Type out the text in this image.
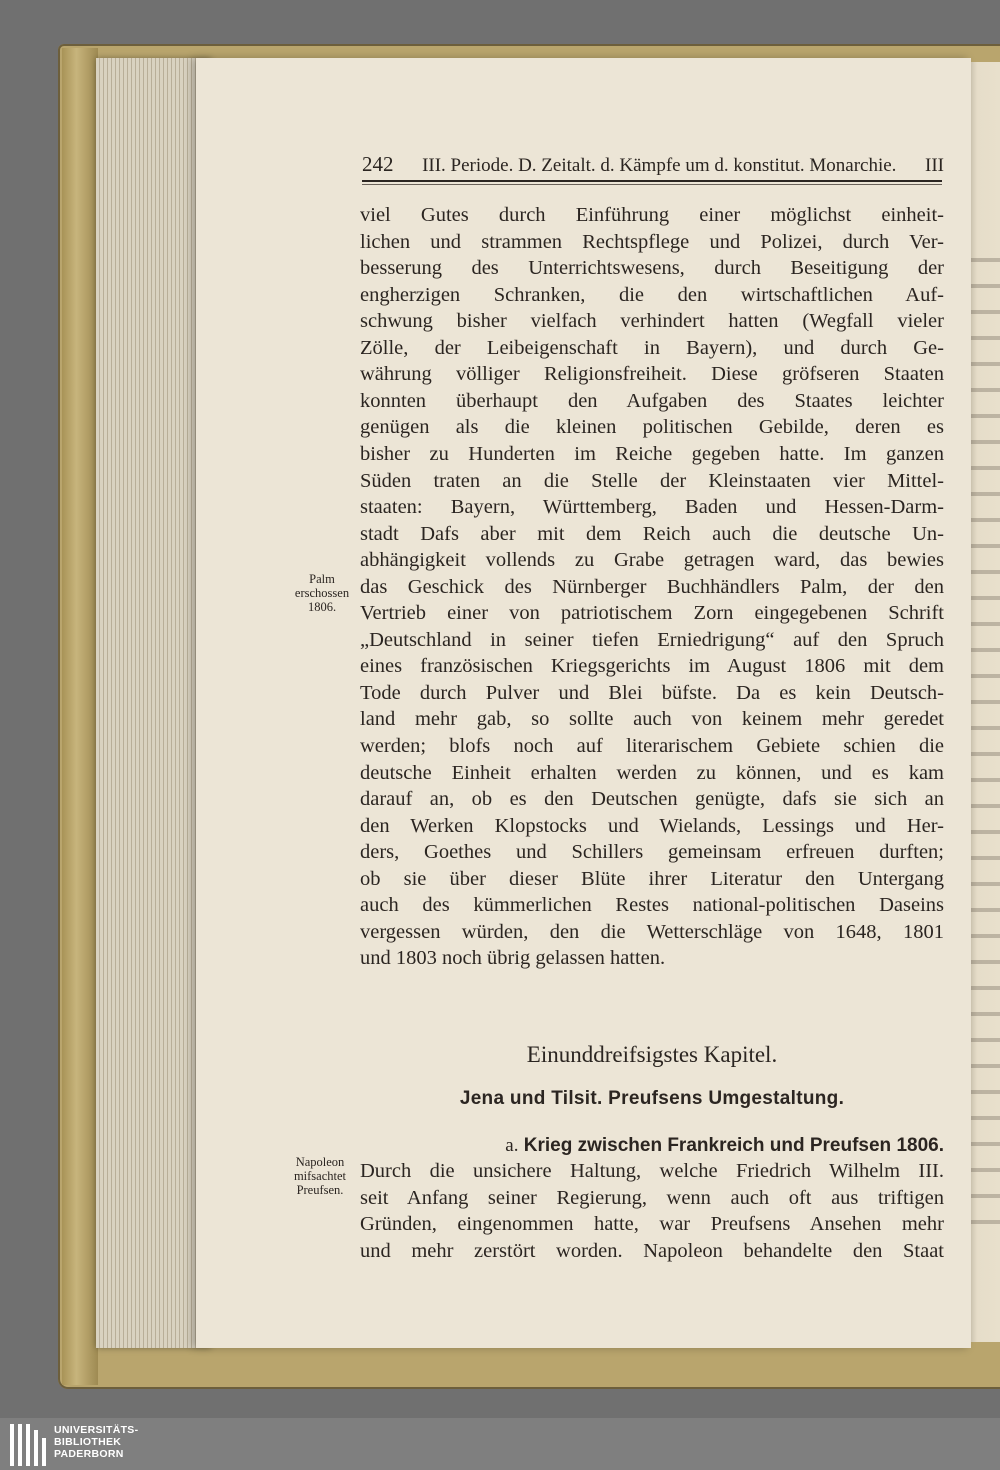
242 III. Periode. D. Zeitalt. d. Kämpfe um d. konstitut. Monarchie. III
viel Gutes durch Einführung einer möglichst einheit-
lichen und strammen Rechtspflege und Polizei, durch Ver-
besserung des Unterrichtswesens, durch Beseitigung der
engherzigen Schranken, die den wirtschaftlichen Auf-
schwung bisher vielfach verhindert hatten (Wegfall vieler
Zölle, der Leibeigenschaft in Bayern), und durch Ge-
währung völliger Religionsfreiheit. Diese gröfseren Staaten
konnten überhaupt den Aufgaben des Staates leichter
genügen als die kleinen politischen Gebilde, deren es
bisher zu Hunderten im Reiche gegeben hatte. Im ganzen
Süden traten an die Stelle der Kleinstaaten vier Mittel-
staaten: Bayern, Württemberg, Baden und Hessen-Darm-
stadt Dafs aber mit dem Reich auch die deutsche Un-
abhängigkeit vollends zu Grabe getragen ward, das bewies
das Geschick des Nürnberger Buchhändlers Palm, der den
Vertrieb einer von patriotischem Zorn eingegebenen Schrift
„Deutschland in seiner tiefen Erniedrigung“ auf den Spruch
eines französischen Kriegsgerichts im August 1806 mit dem
Tode durch Pulver und Blei büfste. Da es kein Deutsch-
land mehr gab, so sollte auch von keinem mehr geredet
werden; blofs noch auf literarischem Gebiete schien die
deutsche Einheit erhalten werden zu können, und es kam
darauf an, ob es den Deutschen genügte, dafs sie sich an
den Werken Klopstocks und Wielands, Lessings und Her-
ders, Goethes und Schillers gemeinsam erfreuen durften;
ob sie über dieser Blüte ihrer Literatur den Untergang
auch des kümmerlichen Restes national-politischen Daseins
vergessen würden, den die Wetterschläge von 1648, 1801
und 1803 noch übrig gelassen hatten.
Palm
erschossen
1806.
Einunddreifsigstes Kapitel.
Jena und Tilsit. Preufsens Umgestaltung.
a. Krieg zwischen Frankreich und Preufsen 1806.
Napoleon
mifsachtet
Preufsen.
Durch die unsichere Haltung, welche Friedrich Wilhelm III.
seit Anfang seiner Regierung, wenn auch oft aus triftigen
Gründen, eingenommen hatte, war Preufsens Ansehen mehr
und mehr zerstört worden. Napoleon behandelte den Staat
UNIVERSITÄTS-
BIBLIOTHEK
PADERBORN
